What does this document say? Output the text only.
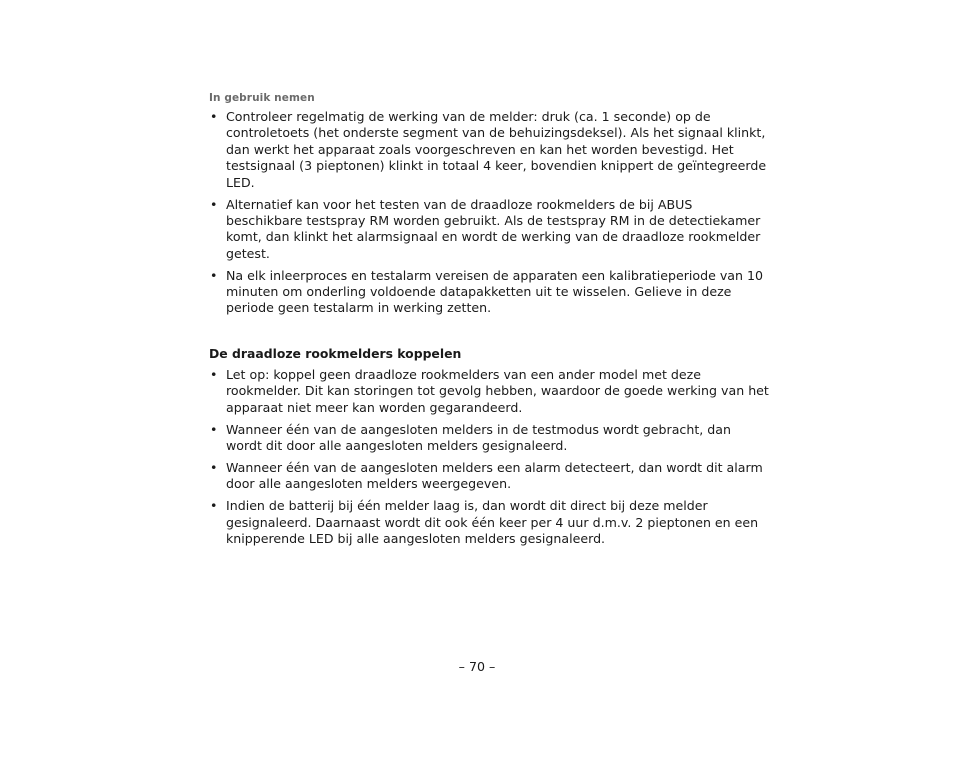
In gebruik nemen

• Controleer regelmatig de werking van de melder: druk (ca. 1 seconde) op de controletoets (het onderste segment van de behuizingsdeksel). Als het signaal klinkt, dan werkt het apparaat zoals voorgeschreven en kan het worden bevestigd. Het testsignaal (3 pieptonen) klinkt in totaal 4 keer, bovendien knippert de geïntegreerde LED.
• Alternatief kan voor het testen van de draadloze rookmelders de bij ABUS beschikbare testspray RM worden gebruikt. Als de testspray RM in de detectiekamer komt, dan klinkt het alarmsignaal en wordt de werking van de draadloze rookmelder getest.
• Na elk inleerproces en testalarm vereisen de apparaten een kalibratieperiode van 10 minuten om onderling voldoende datapakketten uit te wisselen. Gelieve in deze periode geen testalarm in werking zetten.
De draadloze rookmelders koppelen
• Let op: koppel geen draadloze rookmelders van een ander model met deze rookmelder. Dit kan storingen tot gevolg hebben, waardoor de goede werking van het apparaat niet meer kan worden gegarandeerd.
• Wanneer één van de aangesloten melders in de testmodus wordt gebracht, dan wordt dit door alle aangesloten melders gesignaleerd.
• Wanneer één van de aangesloten melders een alarm detecteert, dan wordt dit alarm door alle aangesloten melders weergegeven.
• Indien de batterij bij één melder laag is, dan wordt dit direct bij deze melder gesignaleerd. Daarnaast wordt dit ook één keer per 4 uur d.m.v. 2 pieptonen en een knipperende LED bij alle aangesloten melders gesignaleerd.

– 70 –
